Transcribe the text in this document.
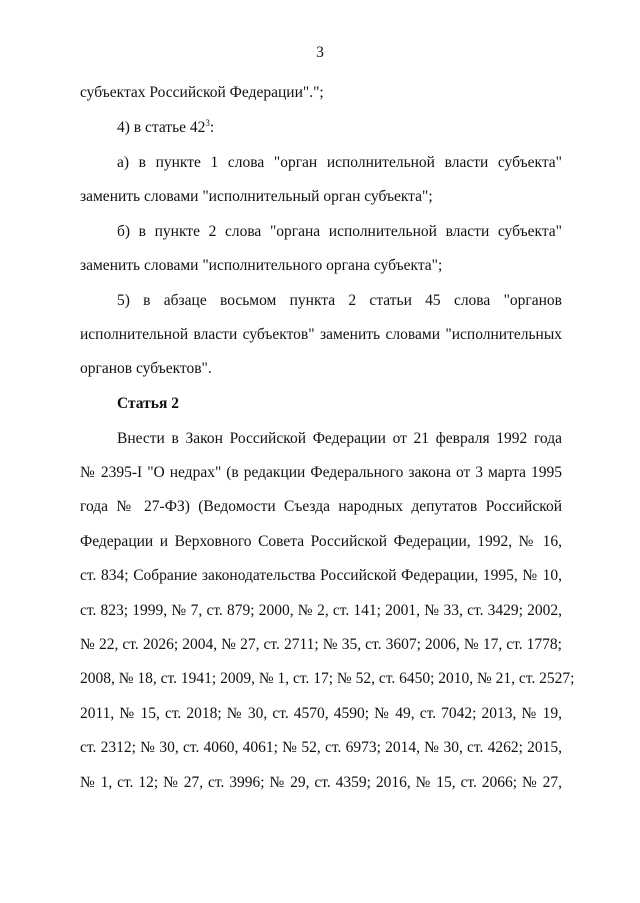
3
субъектах Российской Федерации".";
4) в статье $42^3$:
а) в пункте 1 слова "орган исполнительной власти субъекта"
заменить словами "исполнительный орган субъекта";
б) в пункте 2 слова "органа исполнительной власти субъекта"
заменить словами "исполнительного органа субъекта";
5) в абзаце восьмом пункта 2 статьи 45 слова "органов
исполнительной власти субъектов" заменить словами "исполнительных
органов субъектов".
Статья 2
Внести в Закон Российской Федерации от 21 февраля 1992 года
№ 2395-I "О недрах" (в редакции Федерального закона от 3 марта 1995
года № 27-ФЗ) (Ведомости Съезда народных депутатов Российской
Федерации и Верховного Совета Российской Федерации, 1992, № 16,
ст. 834; Собрание законодательства Российской Федерации, 1995, № 10,
ст. 823; 1999, № 7, ст. 879; 2000, № 2, ст. 141; 2001, № 33, ст. 3429; 2002,
№ 22, ст. 2026; 2004, № 27, ст. 2711; № 35, ст. 3607; 2006, № 17, ст. 1778;
2008, № 18, ст. 1941; 2009, № 1, ст. 17; № 52, ст. 6450; 2010, № 21, ст. 2527;
2011, № 15, ст. 2018; № 30, ст. 4570, 4590; № 49, ст. 7042; 2013, № 19,
ст. 2312; № 30, ст. 4060, 4061; № 52, ст. 6973; 2014, № 30, ст. 4262; 2015,
№ 1, ст. 12; № 27, ст. 3996; № 29, ст. 4359; 2016, № 15, ст. 2066; № 27,
